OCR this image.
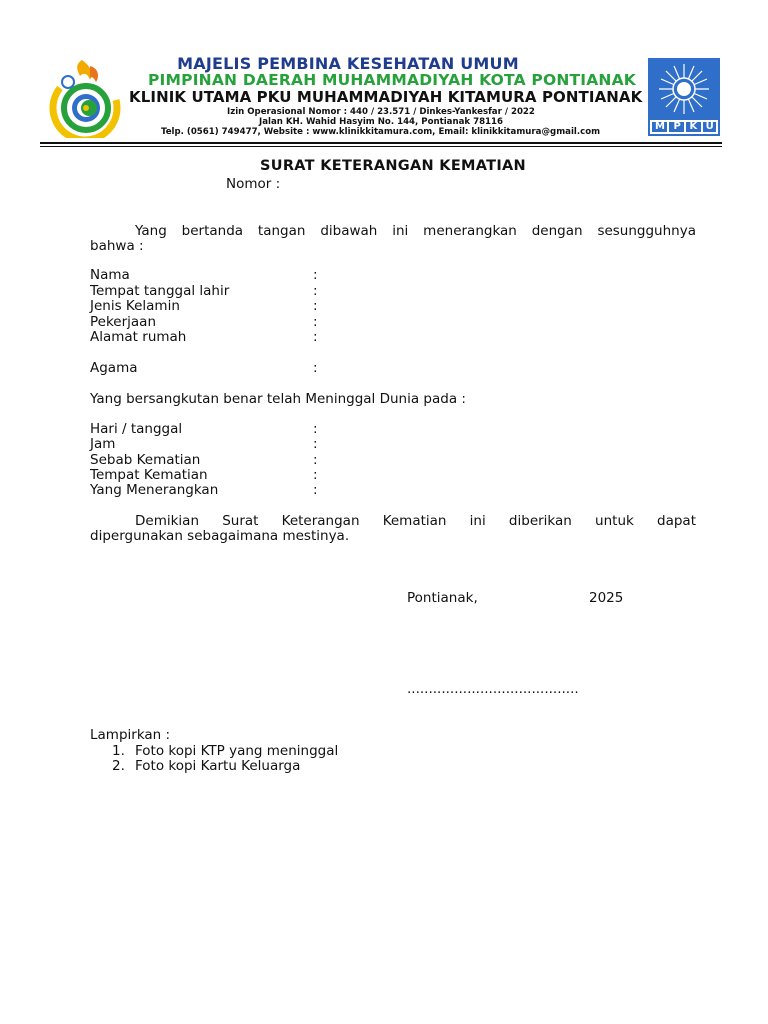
MAJELIS PEMBINA KESEHATAN UMUM
PIMPINAN DAERAH MUHAMMADIYAH KOTA PONTIANAK
KLINIK UTAMA PKU MUHAMMADIYAH KITAMURA PONTIANAK
Izin Operasional Nomor : 440 / 23.571 / Dinkes-Yankesfar / 2022
Jalan KH. Wahid Hasyim No. 144, Pontianak 78116
Telp. (0561) 749477, Website : www.klinikkitamura.com, Email: klinikkitamura@gmail.com	MPKU
SURAT KETERANGAN KEMATIAN
Nomor :
Yang bertanda tangan dibawah ini menerangkan dengan sesungguhnya
bahwa :
Nama	:
Tempat tanggal lahir	:
Jenis Kelamin	:
Pekerjaan	:
Alamat rumah	:
Agama	:
Yang bersangkutan benar telah Meninggal Dunia pada :
Hari / tanggal	:
Jam	:
Sebab Kematian	:
Tempat Kematian	:
Yang Menerangkan	:
Demikian Surat Keterangan Kematian ini diberikan untuk dapat
dipergunakan sebagaimana mestinya.
Pontianak,	2025
........................................
Lampirkan :
1. Foto kopi KTP yang meninggal
2. Foto kopi Kartu Keluarga
